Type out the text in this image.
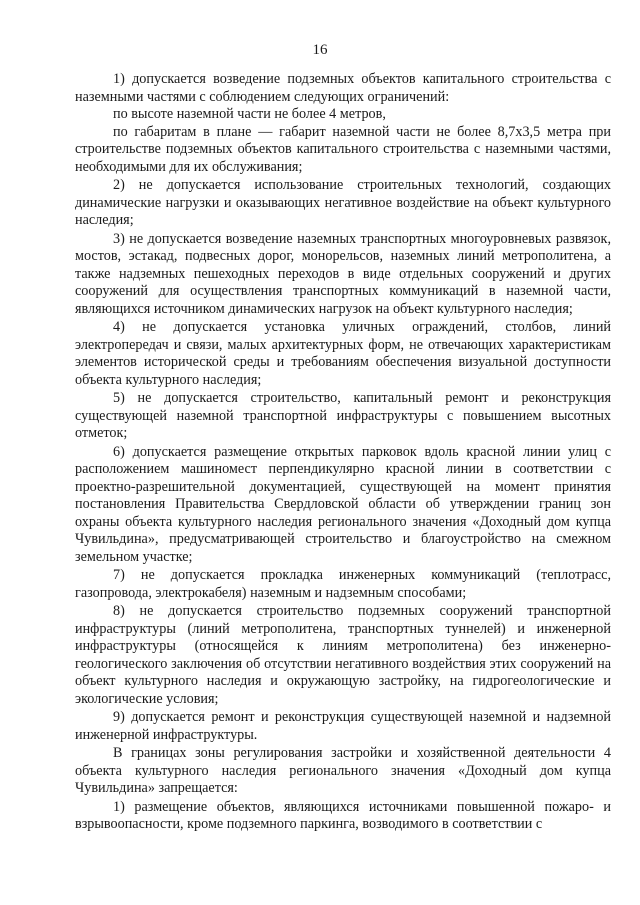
16

1) допускается возведение подземных объектов капитального строительства с наземными частями с соблюдением следующих ограничений:

по высоте наземной части не более 4 метров,

по габаритам в плане — габарит наземной части не более 8,7х3,5 метра при строительстве подземных объектов капитального строительства с наземными частями, необходимыми для их обслуживания;

2) не допускается использование строительных технологий, создающих динамические нагрузки и оказывающих негативное воздействие на объект культурного наследия;

3) не допускается возведение наземных транспортных многоуровневых развязок, мостов, эстакад, подвесных дорог, монорельсов, наземных линий метрополитена, а также надземных пешеходных переходов в виде отдельных сооружений и других сооружений для осуществления транспортных коммуникаций в наземной части, являющихся источником динамических нагрузок на объект культурного наследия;

4) не допускается установка уличных ограждений, столбов, линий электропередач и связи, малых архитектурных форм, не отвечающих характеристикам элементов исторической среды и требованиям обеспечения визуальной доступности объекта культурного наследия;

5) не допускается строительство, капитальный ремонт и реконструкция существующей наземной транспортной инфраструктуры с повышением высотных отметок;

6) допускается размещение открытых парковок вдоль красной линии улиц с расположением машиномест перпендикулярно красной линии в соответствии с проектно-разрешительной документацией, существующей на момент принятия постановления Правительства Свердловской области об утверждении границ зон охраны объекта культурного наследия регионального значения «Доходный дом купца Чувильдина», предусматривающей строительство и благоустройство на смежном земельном участке;

7) не допускается прокладка инженерных коммуникаций (теплотрасс, газопровода, электрокабеля) наземным и надземным способами;

8) не допускается строительство подземных сооружений транспортной инфраструктуры (линий метрополитена, транспортных туннелей) и инженерной инфраструктуры (относящейся к линиям метрополитена) без инженерно-геологического заключения об отсутствии негативного воздействия этих сооружений на объект культурного наследия и окружающую застройку, на гидрогеологические и экологические условия;

9) допускается ремонт и реконструкция существующей наземной и надземной инженерной инфраструктуры.

В границах зоны регулирования застройки и хозяйственной деятельности 4 объекта культурного наследия регионального значения «Доходный дом купца Чувильдина» запрещается:

1) размещение объектов, являющихся источниками повышенной пожаро- и взрывоопасности, кроме подземного паркинга, возводимого в соответствии с
